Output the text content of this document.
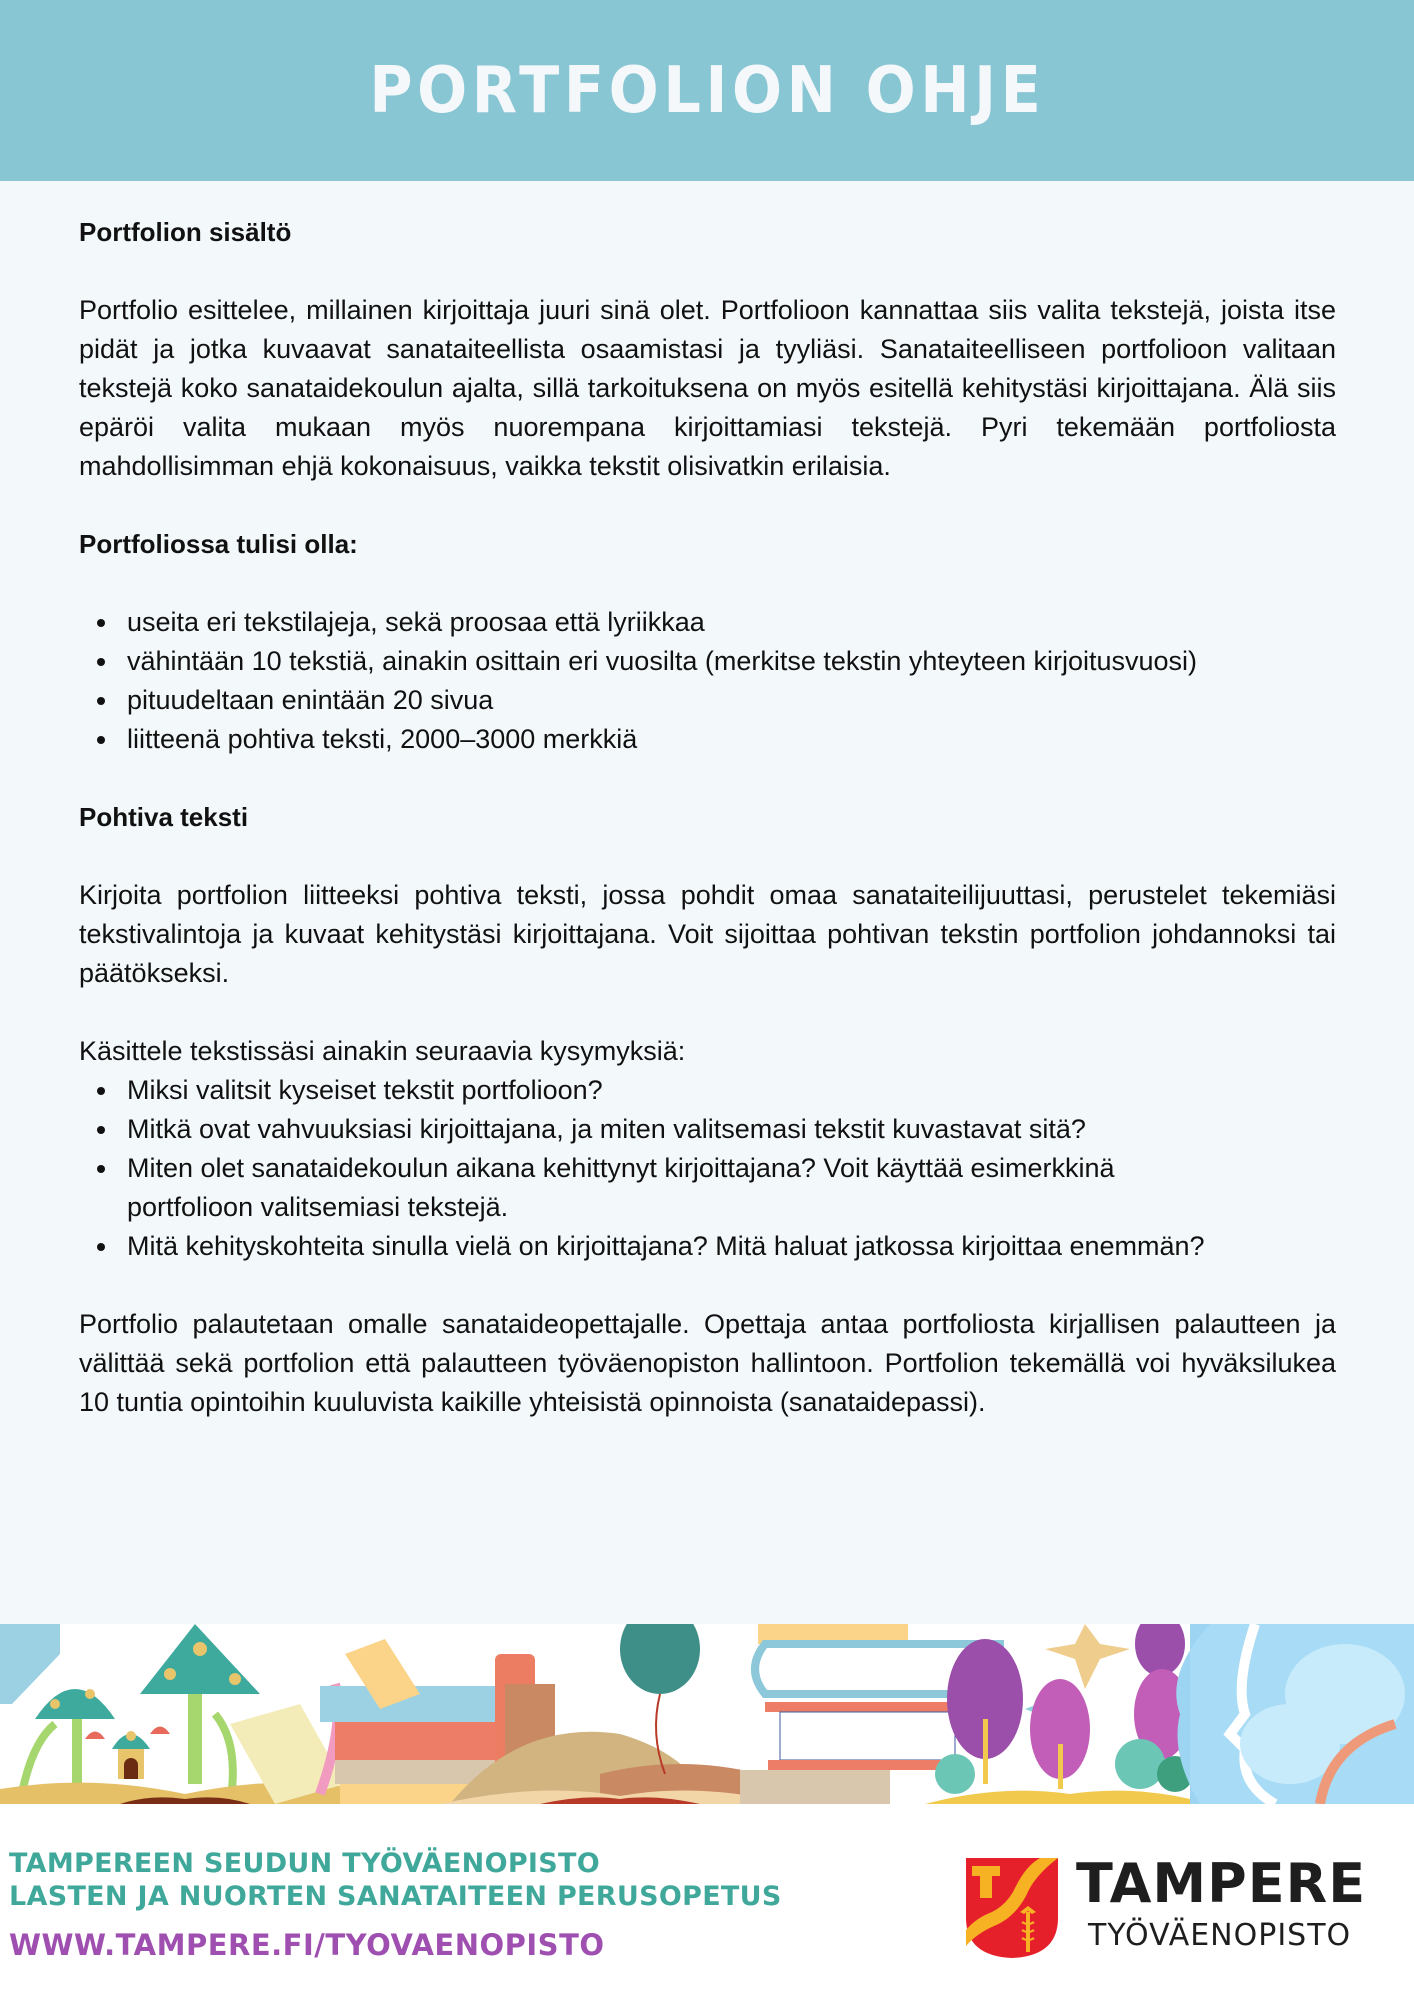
PORTFOLION OHJE
Portfolion sisältö

Portfolio esittelee, millainen kirjoittaja juuri sinä olet. Portfolioon kannattaa siis valita tekstejä, joista itse pidät ja jotka kuvaavat sanataiteellista osaamistasi ja tyyliäsi. Sanataiteelliseen portfolioon valitaan tekstejä koko sanataidekoulun ajalta, sillä tarkoituksena on myös esitellä kehitystäsi kirjoittajana. Älä siis epäröi valita mukaan myös nuorempana kirjoittamiasi tekstejä. Pyri tekemään portfoliosta mahdollisimman ehjä kokonaisuus, vaikka tekstit olisivatkin erilaisia.

Portfoliossa tulisi olla:
useita eri tekstilajeja, sekä proosaa että lyriikkaa
vähintään 10 tekstiä, ainakin osittain eri vuosilta (merkitse tekstin yhteyteen kirjoitusvuosi)
pituudeltaan enintään 20 sivua
liitteenä pohtiva teksti, 2000–3000 merkkiä
Pohtiva teksti

Kirjoita portfolion liitteeksi pohtiva teksti, jossa pohdit omaa sanataiteilijuuttasi, perustelet tekemiäsi tekstivalintoja ja kuvaat kehitystäsi kirjoittajana. Voit sijoittaa pohtivan tekstin portfolion johdannoksi tai päätökseksi.

Käsittele tekstissäsi ainakin seuraavia kysymyksiä:

Miksi valitsit kyseiset tekstit portfolioon?
Mitkä ovat vahvuuksiasi kirjoittajana, ja miten valitsemasi tekstit kuvastavat sitä?
Miten olet sanataidekoulun aikana kehittynyt kirjoittajana? Voit käyttää esimerkkinä portfolioon valitsemiasi tekstejä.
Mitä kehityskohteita sinulla vielä on kirjoittajana? Mitä haluat jatkossa kirjoittaa enemmän?

Portfolio palautetaan omalle sanataideopettajalle. Opettaja antaa portfoliosta kirjallisen palautteen ja välittää sekä portfolion että palautteen työväenopiston hallintoon. Portfolion tekemällä voi hyväksilukea 10 tuntia opintoihin kuuluvista kaikille yhteisistä opinnoista (sanataidepassi).

TAMPEREEN SEUDUN TYÖVÄENOPISTO
LASTEN JA NUORTEN SANATAITEEN PERUSOPETUS
WWW.TAMPERE.FI/TYOVAENOPISTO
TAMPERE
TYÖVÄENOPISTO
